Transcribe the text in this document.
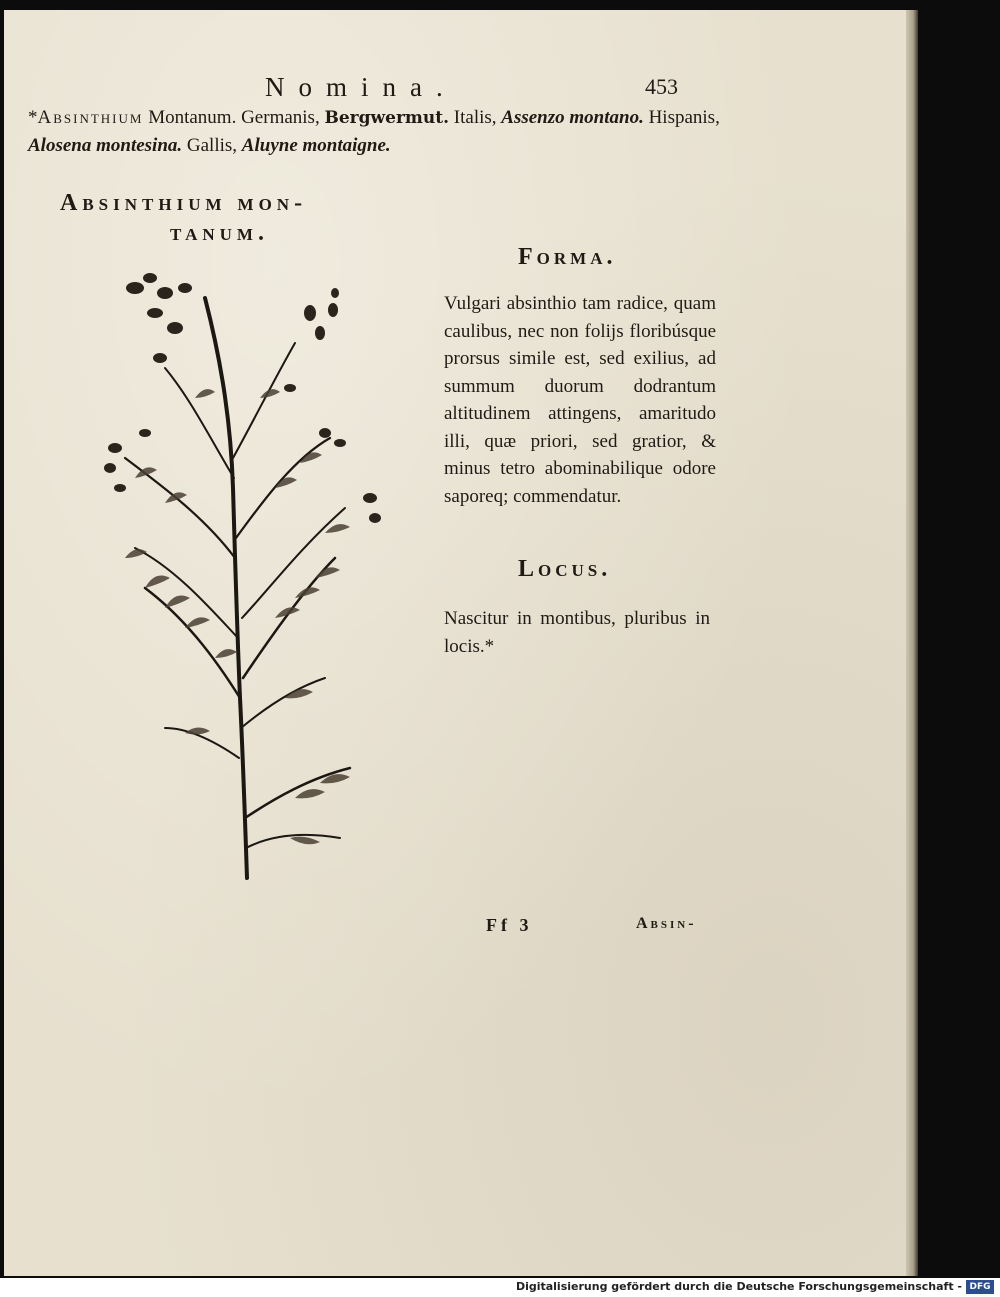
Nomina.	453
*Absinthium Montanum. Germanis, Bergwermut. Italis, Assenzo montano. Hispanis, Alosena montesina. Gallis, Aluyne montaigne.
Absinthium mon-
tanum.
Forma.
Vulgari absinthio tam radice, quam caulibus, nec non folijs floribúsque prorsus simile est, sed exilius, ad summum duorum dodrantum altitudinem attingens, amaritudo illi, quæ priori, sed gratior, & minus tetro abominabilique odore saporeq; commendatur.
Locus.
Nascitur in montibus, pluribus in locis.*
Ff 3	Absin-
Digitalisierung gefördert durch die Deutsche Forschungsgemeinschaft - DFG
